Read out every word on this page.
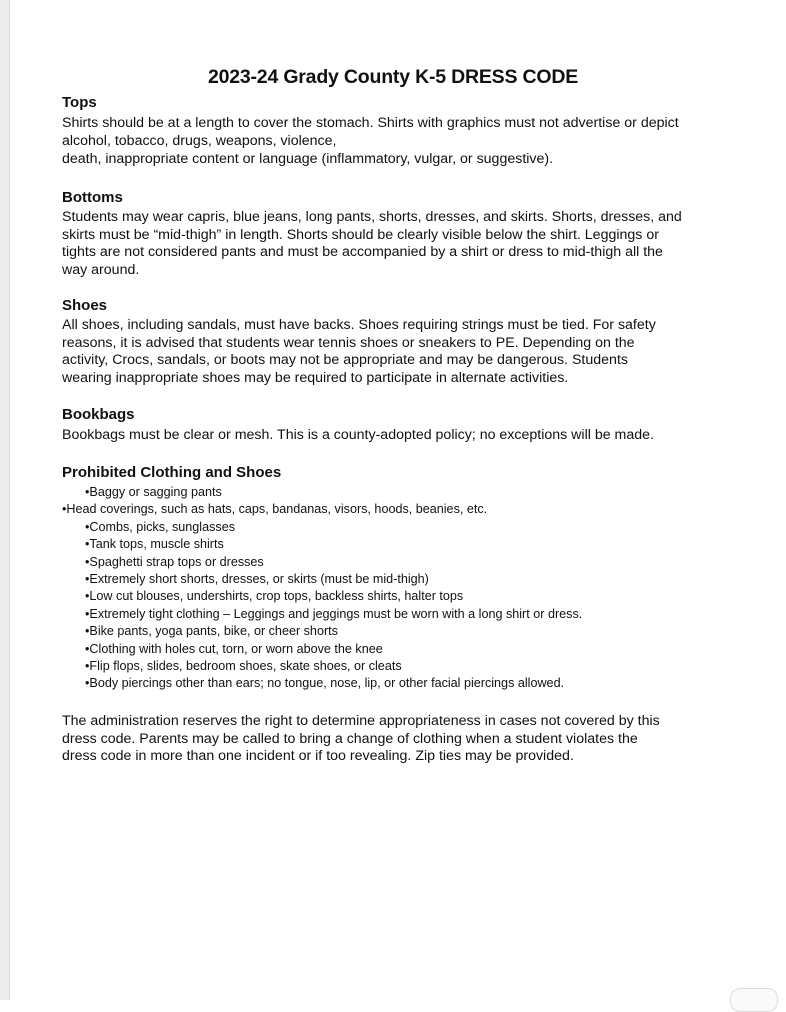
2023-24 Grady County K-5 DRESS CODE
Tops
Shirts should be at a length to cover the stomach. Shirts with graphics must not advertise or depict
alcohol, tobacco, drugs, weapons, violence,
death, inappropriate content or language (inflammatory, vulgar, or suggestive).
Bottoms
Students may wear capris, blue jeans, long pants, shorts, dresses, and skirts. Shorts, dresses, and
skirts must be “mid-thigh” in length. Shorts should be clearly visible below the shirt. Leggings or
tights are not considered pants and must be accompanied by a shirt or dress to mid-thigh all the
way around.
Shoes
All shoes, including sandals, must have backs. Shoes requiring strings must be tied. For safety
reasons, it is advised that students wear tennis shoes or sneakers to PE. Depending on the
activity, Crocs, sandals, or boots may not be appropriate and may be dangerous. Students
wearing inappropriate shoes may be required to participate in alternate activities.
Bookbags
Bookbags must be clear or mesh. This is a county-adopted policy; no exceptions will be made.
Prohibited Clothing and Shoes
• Baggy or sagging pants
• Head coverings, such as hats, caps, bandanas, visors, hoods, beanies, etc.
• Combs, picks, sunglasses
• Tank tops, muscle shirts
• Spaghetti strap tops or dresses
• Extremely short shorts, dresses, or skirts (must be mid-thigh)
• Low cut blouses, undershirts, crop tops, backless shirts, halter tops
• Extremely tight clothing – Leggings and jeggings must be worn with a long shirt or dress.
• Bike pants, yoga pants, bike, or cheer shorts
• Clothing with holes cut, torn, or worn above the knee
• Flip flops, slides, bedroom shoes, skate shoes, or cleats
• Body piercings other than ears; no tongue, nose, lip, or other facial piercings allowed.
The administration reserves the right to determine appropriateness in cases not covered by this
dress code. Parents may be called to bring a change of clothing when a student violates the
dress code in more than one incident or if too revealing. Zip ties may be provided.
